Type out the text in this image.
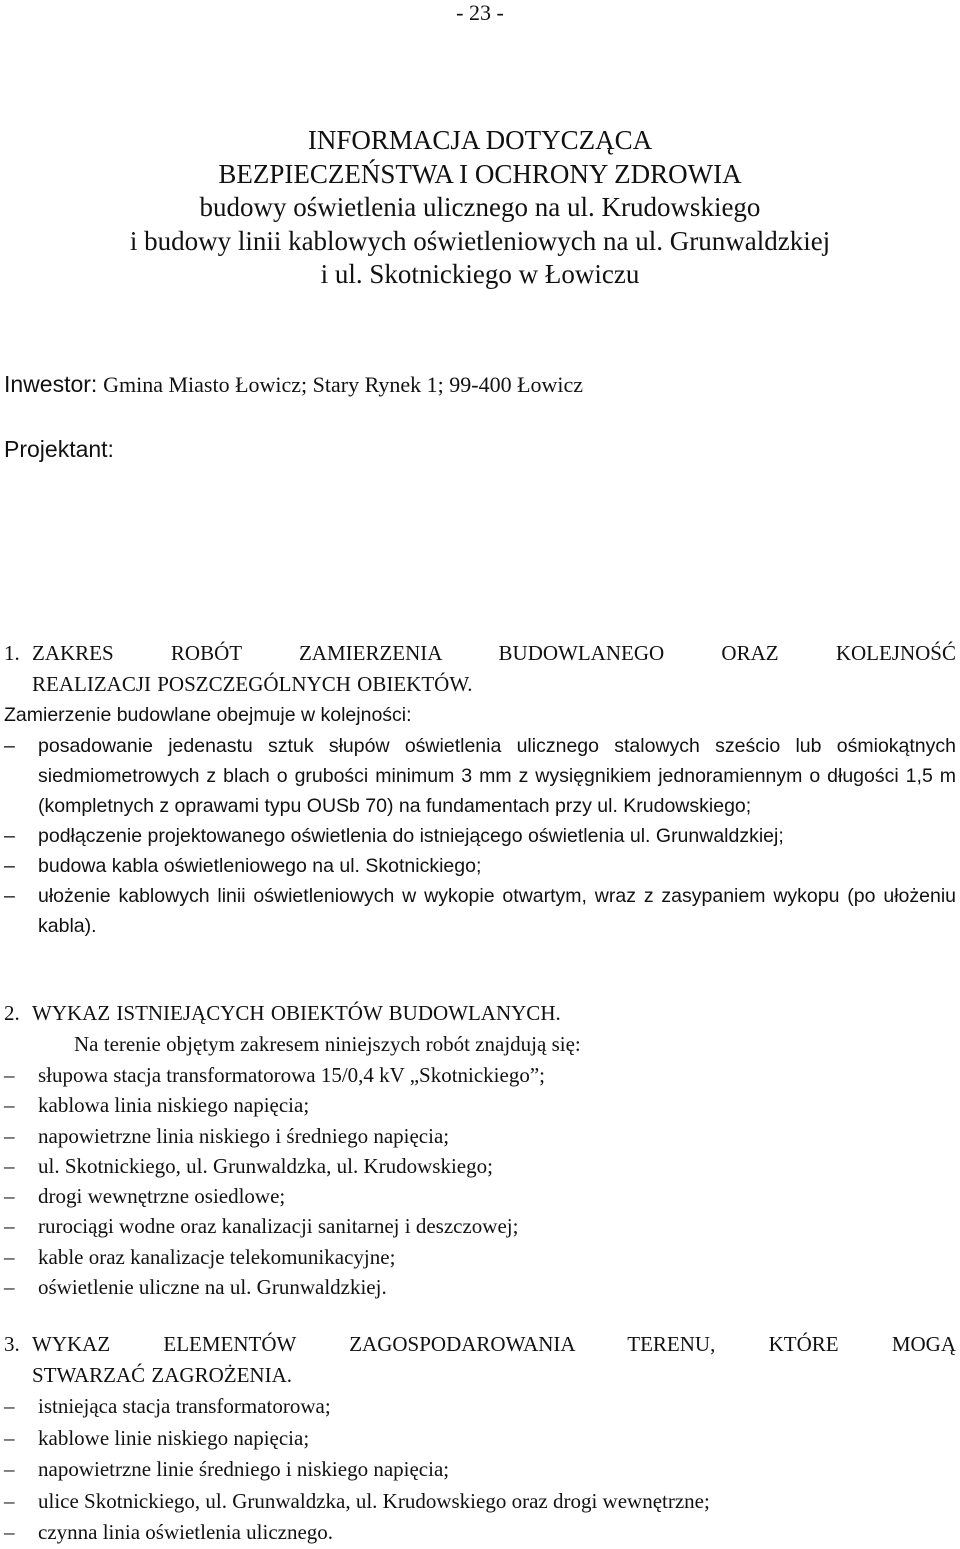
- 23 -
INFORMACJA DOTYCZĄCA
BEZPIECZEŃSTWA I OCHRONY ZDROWIA
budowy oświetlenia ulicznego na ul. Krudowskiego
i budowy linii kablowych oświetleniowych na ul. Grunwaldzkiej
i ul. Skotnickiego w Łowiczu
Inwestor: Gmina Miasto Łowicz; Stary Rynek 1; 99-400 Łowicz
Projektant:
1. ZAKRES ROBÓT ZAMIERZENIA BUDOWLANEGO ORAZ KOLEJNOŚĆ
REALIZACJI POSZCZEGÓLNYCH OBIEKTÓW.
Zamierzenie budowlane obejmuje w kolejności:
–	posadowanie jedenastu sztuk słupów oświetlenia ulicznego stalowych sześcio lub ośmiokątnych siedmiometrowych z blach o grubości minimum 3 mm z wysięgnikiem jednoramiennym o długości 1,5 m (kompletnych z oprawami typu OUSb 70) na fundamentach przy ul. Krudowskiego;
–	podłączenie projektowanego oświetlenia do istniejącego oświetlenia ul. Grunwaldzkiej;
–	budowa kabla oświetleniowego na ul. Skotnickiego;
–	ułożenie kablowych linii oświetleniowych w wykopie otwartym, wraz z zasypaniem wykopu (po ułożeniu kabla).
2. WYKAZ ISTNIEJĄCYCH OBIEKTÓW BUDOWLANYCH.
Na terenie objętym zakresem niniejszych robót znajdują się:
–	słupowa stacja transformatorowa 15/0,4 kV „Skotnickiego”;
–	kablowa linia niskiego napięcia;
–	napowietrzne linia niskiego i średniego napięcia;
–	ul. Skotnickiego, ul. Grunwaldzka, ul. Krudowskiego;
–	drogi wewnętrzne osiedlowe;
–	rurociągi wodne oraz kanalizacji sanitarnej i deszczowej;
–	kable oraz kanalizacje telekomunikacyjne;
–	oświetlenie uliczne na ul. Grunwaldzkiej.
3. WYKAZ ELEMENTÓW ZAGOSPODAROWANIA TERENU, KTÓRE MOGĄ
STWARZAĆ ZAGROŻENIA.
–	istniejąca stacja transformatorowa;
–	kablowe linie niskiego napięcia;
–	napowietrzne linie średniego i niskiego napięcia;
–	ulice Skotnickiego, ul. Grunwaldzka, ul. Krudowskiego oraz drogi wewnętrzne;
–	czynna linia oświetlenia ulicznego.
